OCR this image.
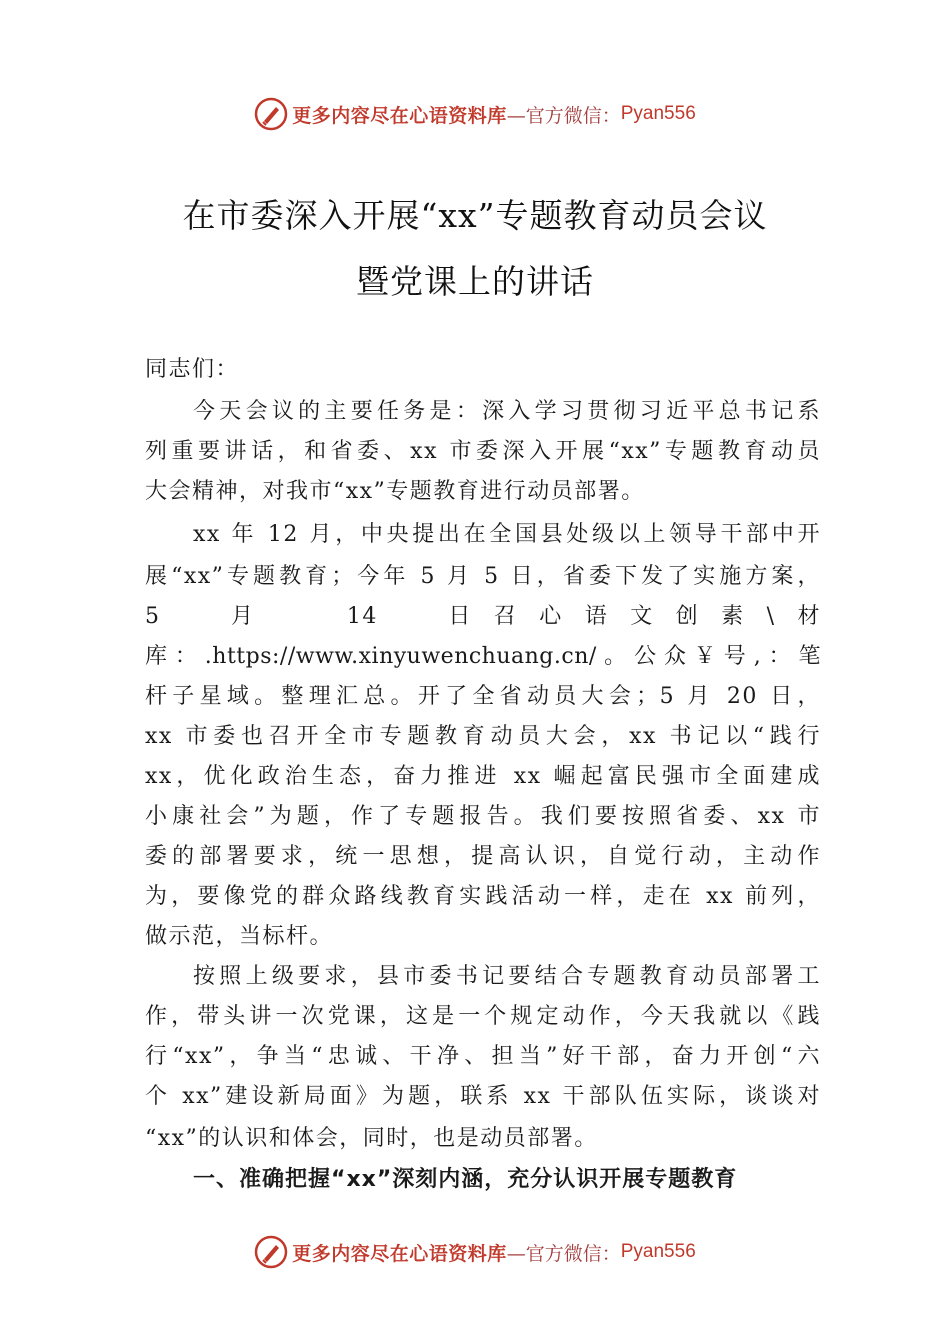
更多内容尽在心语资料库 —官方微信： Pyan556
在市委深入开展“xx”专题教育动员会议
暨党课上的讲话
同志们：
今天会议的主要任务是：深入学习贯彻习近平总书记系
列重要讲话，和省委、xx 市委深入开展“xx”专题教育动员
大会精神，对我市“xx”专题教育进行动员部署。
xx 年 12 月，中央提出在全国县处级以上领导干部中开
展“xx”专题教育；今年 5 月 5 日，省委下发了实施方案，
5 月 14 日召心语文创素\材
库：.https://www.xinyuwenchuang.cn/。公众￥号,：笔
杆子星域。整理汇总。开了全省动员大会；5 月 20 日，
xx 市委也召开全市专题教育动员大会，xx 书记以“践行
xx，优化政治生态，奋力推进 xx 崛起富民强市全面建成
小康社会”为题，作了专题报告。我们要按照省委、xx 市
委的部署要求，统一思想，提高认识，自觉行动，主动作
为，要像党的群众路线教育实践活动一样，走在 xx 前列，
做示范，当标杆。
按照上级要求，县市委书记要结合专题教育动员部署工
作，带头讲一次党课，这是一个规定动作，今天我就以《践
行“xx”，争当“忠诚、干净、担当”好干部，奋力开创“六
个 xx”建设新局面》为题，联系 xx 干部队伍实际，谈谈对
“xx”的认识和体会，同时，也是动员部署。
一、准确把握“xx”深刻内涵，充分认识开展专题教育
更多内容尽在心语资料库 —官方微信： Pyan556
